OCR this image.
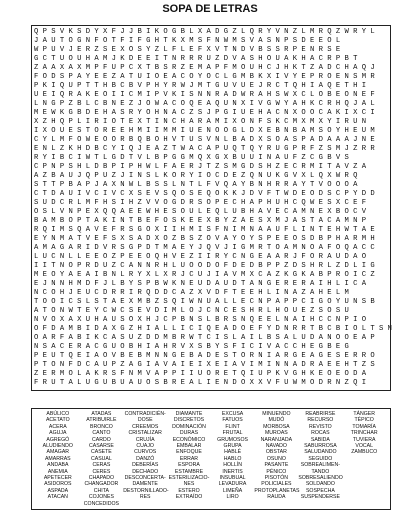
SOPA DE LETRAS
Q P S V K S D Y X F J J B I K O G B L X A D G Z L Q R Y V N Z L M R Q Z W R Y L
J A U T O G N F O T F I F G H T K X M S F N W M S V A S N P S D E E O L
W P U V J E R Z S E X O S Y Z L F L E F X V T N D V B S S R P E N R S E
G C T U O U H A M J K D E E I T N R R R U Z D V A S H O U A K H A C R P B T
Z A A X A X M P F U P C X T B S R Z E M A P F M O U H C J H K T Z A D C H A Q J
F O D S P A Y E E Z A T U I O E A C O Y O C L G M B K X I V Y E P R O E N S M R
P K I Q U P T T H B C B V P H Y R W J M T G U V U E J R C T Q H I A Q E T H I
U E I Q R A K E O I I C M I P V K I S N N R A D W R A H S W X C L O B E O N E F
L N G P Z B L C B N E Z J O W A C O Q E A Q U N X I V G W Y A H K C R H Q J A L
M E W K G B D E H A S R Y O H N A C Z S J P G I U E H A C N X O O C A K I X C I
X Z H Q P L I R I O T E X T I N C H A R A M I X O N F S K C M X M X Y I R U N
I X O U E S T O R E E H M I I M M I U E N O O G L D X E B N B A M S O Y H E U M
C Y L M F O W E O O R B Q B O H V T U S V N L B A D X S O A S P A D A A A J N E
E N L Z K H D B C Y I Q J E A Z T W A C A P U Q T Q Y R U G P R F Z S M J Z R R
R Y I B C I W T L G D T V L B P G G M Q X G X B U U I N A U F Z C G B V S
C P N P S H L D B P I P H W L F A E R J T Z S M G D S H Z E C R M I T A V Z A
A Z B A U J Q P U Z J I N S L K O R Y I O C D E Z Q N U K G V X L Q X W R Q
S T T P B A P J A X N W L B S S L N T L F V Q A Y B N H R R A Y T V O O O A
C T D A U I V C I V C X S E V S Q O S E Q O K K J D V F T W D E O D S C P Y D D
S U D C R L M F H S I H Z V V O G D R S O P E C H A P H U H C Q W E S X C E F
O S L V N P E X Q Q A E E W H E S O U L E Q L U B H A V E C A M N E X B O C V
B A M B O P T A K I N T B E F O S K E E X B Y Z A E S X M J A S T A C A M N P
R Q I M S Q A V E F R S G O X I I H M I S F N I M N A A U F L I N T E H W T A E
E Y N M A T V E F S X S A D X O Z B S Z O V A Y O Y S P E E O S D B P H A R M H
A M A G A R I D V R S G P D T M A E Y J Q V J I G M R T O A M N O A F O Q A C C
L U C N L L E E O Z P E E O Q H V E Z I I R Y C N G E A A R J F O R A U D A O
I I T N O P R D U Z C A N N R H L U O O D O F D E D B P P Z D S H R L Z D L I G
M E O Y A E A I B N L R Y X L X R J C U J I A V M X C A Z K G K A B P R O I C Z
E J N N H M D F J L B Y S P B W K N E U D A U D T A N G E R E R A I H L I C A
N C O H J E U C D R R I R Q D D C A Z X V D F T E E H L I N A Z A H E L M
T O O I C S L S T A E X M B Z S Q I W N U A L L E C N P A P P C I G O Y U N S B
A T O N W T E Y C W C S E V D I M L O J C N C E S H R L H O U E Z S O S U
N V O X A X U H A U S O X H J C P B N S L B R S N Q E E L N A I H C C N P I O
O F D A M B I D A X G Z H I A L L I C I Q E A D O E F Y D N R R T B C B I O L T S N
O A R F A B I K C A S U Z D D M B R W T C I S L A I L B S A L U D A N O O E A P
N S A C E R A C G U O B H I A H R V X S B Y S F I C I V A C C H E G B E G
P E U T Q E I A O V B E B M N N G E B A D E S T O R N I A R G E A G E S E R R O
P T O N F D C A U P Z A G I A V A I E I X E I A V I M I N N A D R A E E H T Z S
Z E R M O L A K R S F N M V A P P I I U O R E T Q I U P K V G H K E O E O D A
F R U T A L U G U B U A U O S B R E A L I E N D O X X V F U W M O D R N Z Q I
ABÚLICO
ACETATO
ACERA
AGUJA
AGREGÓ
ALUDIENDO
AMAGAR
AMARRAS
ANDABA
ANEMIA
APETECER
ASIDOROS
ASPADA
ATACAN
ATADAS
ATRIBUIRLE
BRONCO
CANTO
CARDO
CASARSE
CASETE
CASUAL
CERAS
CERES
CHAPADO
CHANGADOR
CHITA
COJONES
CONCEDIDOS
CONTRADICIÉN-
DOSE
CREEMOS
CRISTALIZAR
CRUJÍA
CUAJO
CURVOS
DANZÓ
DEBERÍAS
DECHADO
DESCONCERTA-
DAMENTE
DESTORNILLADO-
RES
DIAMANTE
DISCRETOS
DOMINACIÓN
DURAS
ECONÓMICO
EMBALAR
ENFOQUE
ERRAR
ESPORA
ESTAMBRE
ESTERILIZACIO-
NES
ESTERO
EXTRAÍDO
EXCUSA
FATUOS
FLINT
FRUTAL
GRUMOSOS
GRUPA
HABLÉ
HABLO
HOLLÍN
INERTIS
INSUBUAL
LEVADURA
LIMEÑA
LIRO
MINUENDO
MUDÓ
MORBOSA
MUROAS
NARANJADA
NAVADO
OBSTAR
OSUNO
PASANTE
PÉNICO
PISOTÓN
POLICIALES
PROTOPLANETAS
RAUDA
REABRIRSE
RECURSO
REVISTO
ROCAS
SABIDA
SABURROSA
SALUDANDO
SEGUIDO
SOBREALIMEN-
TANDO
SOBRESALIENDO
SOLDANDO
SOSPECHA
SUSPENDERSE
TÁNGER
TÉPICO
TOMARÍA
TRINCHAR
TUVIERA
VOCAL
ZAMBUCO
